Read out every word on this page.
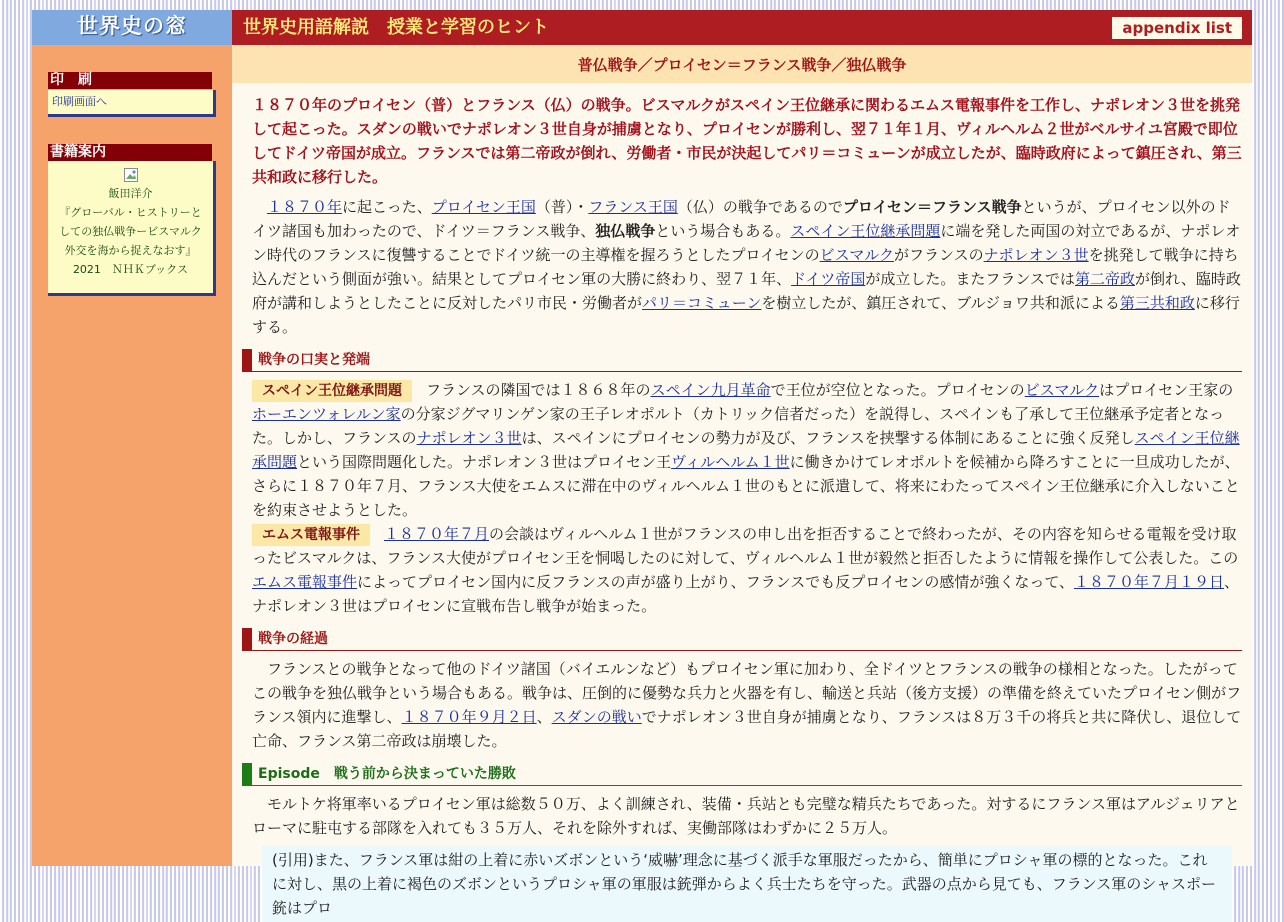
世界史の窓	世界史用語解説　授業と学習のヒント	appendix list
印　刷
印刷画面へ
書籍案内
飯田洋介
『グローバル・ヒストリーと
しての独仏戦争ービスマルク
外交を海から捉えなおす』
2021　ＮＨＫブックス
普仏戦争／プロイセン＝フランス戦争／独仏戦争
１８７０年のプロイセン（普）とフランス（仏）の戦争。ビスマルクがスペイン王位継承に関わるエムス電報事件を工作し、ナポレオン３世を挑発して起こった。スダンの戦いでナポレオン３世自身が捕虜となり、プロイセンが勝利し、翌７１年１月、ヴィルヘルム２世がベルサイユ宮殿で即位してドイツ帝国が成立。フランスでは第二帝政が倒れ、労働者・市民が決起してパリ＝コミューンが成立したが、臨時政府によって鎮圧され、第三共和政に移行した。

１８７０年に起こった、プロイセン王国（普）・フランス王国（仏）の戦争であるのでプロイセン＝フランス戦争というが、プロイセン以外のドイツ諸国も加わったので、ドイツ＝フランス戦争、独仏戦争という場合もある。スペイン王位継承問題に端を発した両国の対立であるが、ナポレオン時代のフランスに復讐することでドイツ統一の主導権を握ろうとしたプロイセンのビスマルクがフランスのナポレオン３世を挑発して戦争に持ち込んだという側面が強い。結果としてプロイセン軍の大勝に終わり、翌７１年、ドイツ帝国が成立した。またフランスでは第二帝政が倒れ、臨時政府が講和しようとしたことに反対したパリ市民・労働者がパリ＝コミューンを樹立したが、鎮圧されて、ブルジョワ共和派による第三共和政に移行する。

戦争の口実と発端

スペイン王位継承問題 フランスの隣国では１８６８年のスペイン九月革命で王位が空位となった。プロイセンのビスマルクはプロイセン王家のホーエンツォレルン家の分家ジグマリンゲン家の王子レオポルト（カトリック信者だった）を説得し、スペインも了承して王位継承予定者となった。しかし、フランスのナポレオン３世は、スペインにプロイセンの勢力が及び、フランスを挟撃する体制にあることに強く反発しスペイン王位継承問題という国際問題化した。ナポレオン３世はプロイセン王ヴィルヘルム１世に働きかけてレオポルトを候補から降ろすことに一旦成功したが、さらに１８７０年７月、フランス大使をエムスに滞在中のヴィルヘルム１世のもとに派遣して、将来にわたってスペイン王位継承に介入しないことを約束させようとした。

エムス電報事件 １８７０年７月の会談はヴィルヘルム１世がフランスの申し出を拒否することで終わったが、その内容を知らせる電報を受け取ったビスマルクは、フランス大使がプロイセン王を恫喝したのに対して、ヴィルヘルム１世が毅然と拒否したように情報を操作して公表した。このエムス電報事件によってプロイセン国内に反フランスの声が盛り上がり、フランスでも反プロイセンの感情が強くなって、１８７０年７月１９日、ナポレオン３世はプロイセンに宣戦布告し戦争が始まった。

戦争の経過

フランスとの戦争となって他のドイツ諸国（バイエルンなど）もプロイセン軍に加わり、全ドイツとフランスの戦争の様相となった。したがってこの戦争を独仏戦争という場合もある。戦争は、圧倒的に優勢な兵力と火器を有し、輸送と兵站（後方支援）の準備を終えていたプロイセン側がフランス領内に進撃し、１８７０年９月２日、スダンの戦いでナポレオン３世自身が捕虜となり、フランスは８万３千の将兵と共に降伏し、退位して亡命、フランス第二帝政は崩壊した。

Episode　戦う前から決まっていた勝敗

モルトケ将軍率いるプロイセン軍は総数５０万、よく訓練され、装備・兵站とも完璧な精兵たちであった。対するにフランス軍はアルジェリアとローマに駐屯する部隊を入れても３５万人、それを除外すれば、実働部隊はわずかに２５万人。

(引用)また、フランス軍は紺の上着に赤いズボンという‘威嚇’理念に基づく派手な軍服だったから、簡単にプロシャ軍の標的となった。これに対し、黒の上着に褐色のズボンというプロシャ軍の軍服は銃弾からよく兵士たちを守った。武器の点から見ても、フランス軍のシャスポー銃はプロ
